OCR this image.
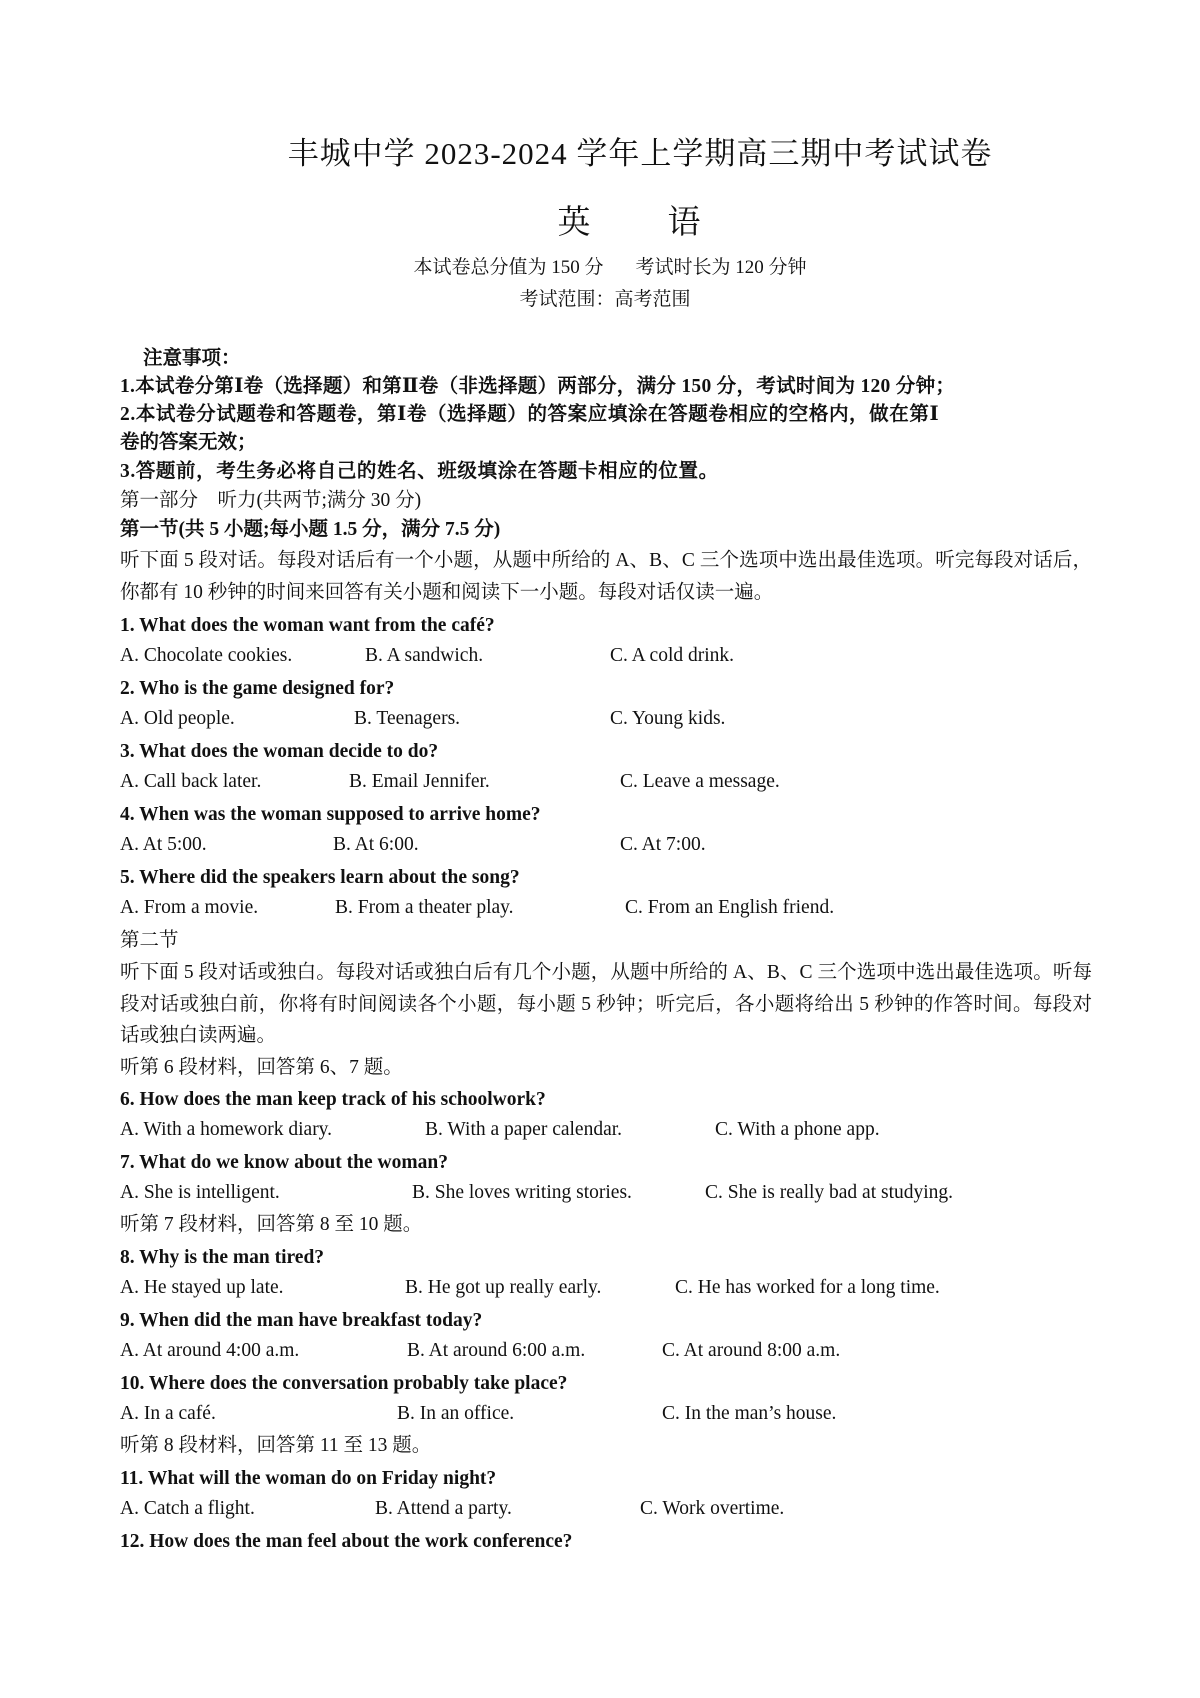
丰城中学 2023-2024 学年上学期高三期中考试试卷
英　语
本试卷总分值为 150 分 考试时长为 120 分钟
考试范围：高考范围
注意事项：
1.本试卷分第Ⅰ卷（选择题）和第Ⅱ卷（非选择题）两部分，满分 150 分，考试时间为 120 分钟；
2.本试卷分试题卷和答题卷，第Ⅰ卷（选择题）的答案应填涂在答题卷相应的空格内，做在第Ⅰ
卷的答案无效；
3.答题前，考生务必将自己的姓名、班级填涂在答题卡相应的位置。
第一部分　听力(共两节;满分 30 分)
第一节(共 5 小题;每小题 1.5 分，满分 7.5 分)
听下面 5 段对话。每段对话后有一个小题，从题中所给的 A、B、C 三个选项中选出最佳选项。听完每段对话后，你都有 10 秒钟的时间来回答有关小题和阅读下一小题。每段对话仅读一遍。
1. What does the woman want from the café?
A. Chocolate cookies.	B. A sandwich.	C. A cold drink.
2. Who is the game designed for?
A. Old people.	B. Teenagers.	C. Young kids.
3. What does the woman decide to do?
A. Call back later.	B. Email Jennifer.	C. Leave a message.
4. When was the woman supposed to arrive home?
A. At 5:00.	B. At 6:00.	C. At 7:00.
5. Where did the speakers learn about the song?
A. From a movie.	B. From a theater play.	C. From an English friend.
第二节
听下面 5 段对话或独白。每段对话或独白后有几个小题，从题中所给的 A、B、C 三个选项中选出最佳选项。听每段对话或独白前，你将有时间阅读各个小题，每小题 5 秒钟；听完后，各小题将给出 5 秒钟的作答时间。每段对话或独白读两遍。
听第 6 段材料，回答第 6、7 题。
6. How does the man keep track of his schoolwork?
A. With a homework diary.	B. With a paper calendar.	C. With a phone app.
7. What do we know about the woman?
A. She is intelligent.	B. She loves writing stories.	C. She is really bad at studying.
听第 7 段材料，回答第 8 至 10 题。
8. Why is the man tired?
A. He stayed up late.	B. He got up really early.	C. He has worked for a long time.
9. When did the man have breakfast today?
A. At around 4:00 a.m.	B. At around 6:00 a.m.	C. At around 8:00 a.m.
10. Where does the conversation probably take place?
A. In a café.	B. In an office.	C. In the man’s house.
听第 8 段材料，回答第 11 至 13 题。
11. What will the woman do on Friday night?
A. Catch a flight.	B. Attend a party.	C. Work overtime.
12. How does the man feel about the work conference?
